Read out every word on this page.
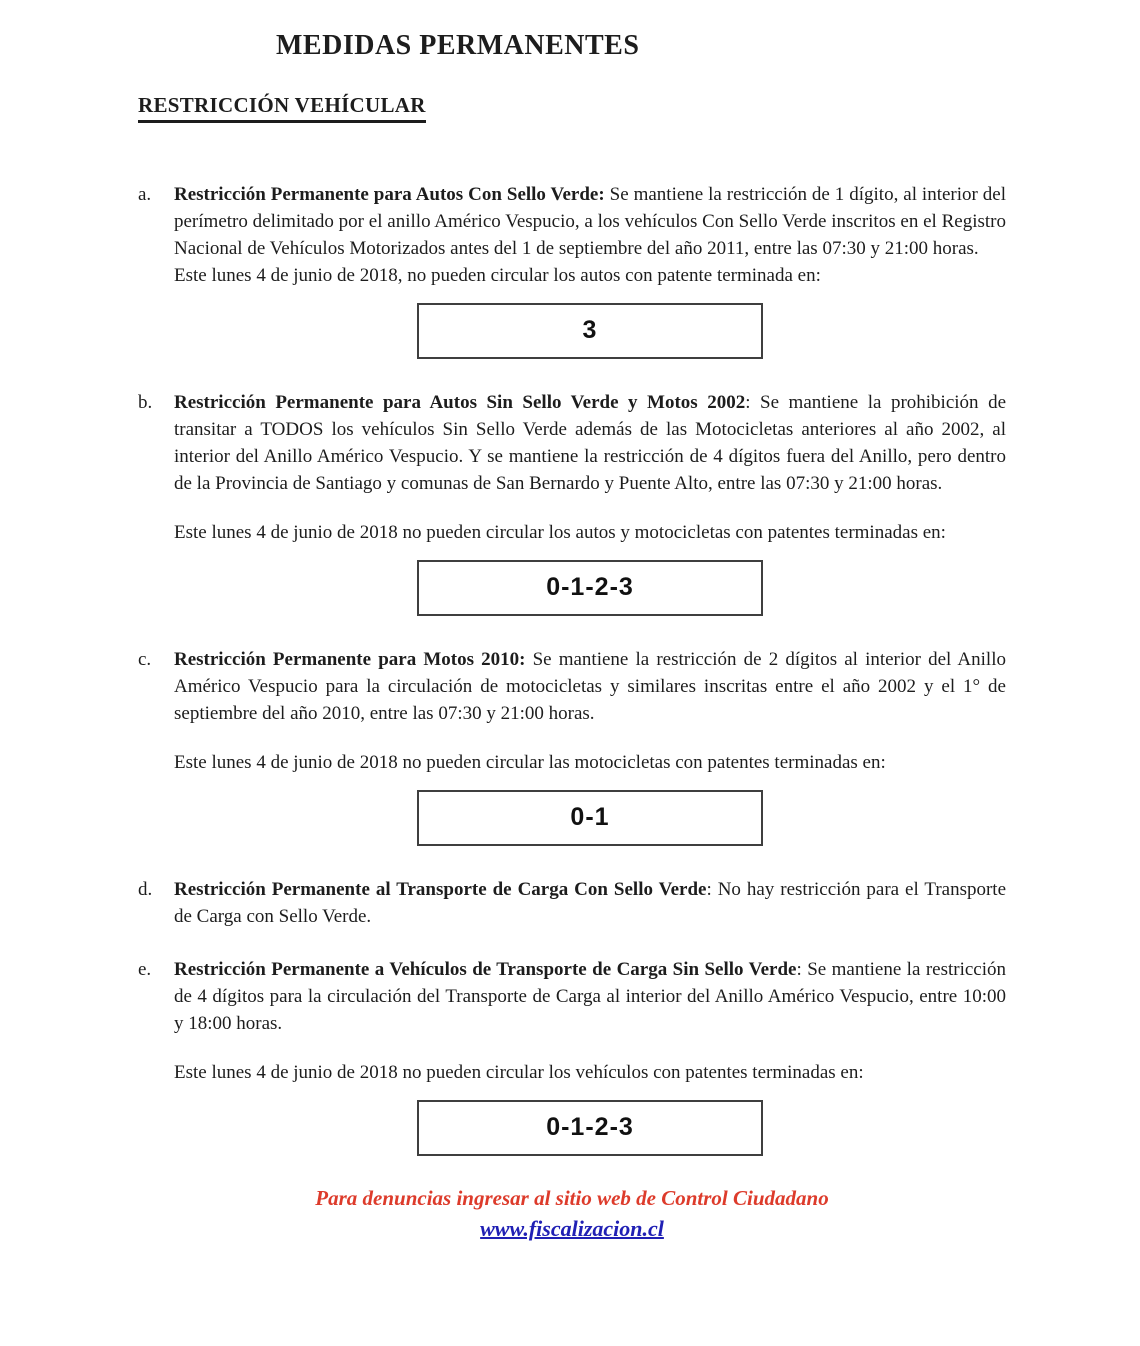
MEDIDAS PERMANENTES
RESTRICCIÓN VEHÍCULAR
a.	Restricción Permanente para Autos Con Sello Verde: Se mantiene la restricción de 1 dígito, al interior del perímetro delimitado por el anillo Américo Vespucio, a los vehículos Con Sello Verde inscritos en el Registro Nacional de Vehículos Motorizados antes del 1 de septiembre del año 2011, entre las 07:30 y 21:00 horas.

Este lunes 4 de junio de 2018, no pueden circular los autos con patente terminada en:

3
b.	Restricción Permanente para Autos Sin Sello Verde y Motos 2002: Se mantiene la prohibición de transitar a TODOS los vehículos Sin Sello Verde además de las Motocicletas anteriores al año 2002, al interior del Anillo Américo Vespucio. Y se mantiene la restricción de 4 dígitos fuera del Anillo, pero dentro de la Provincia de Santiago y comunas de San Bernardo y Puente Alto, entre las 07:30 y 21:00 horas.

Este lunes 4 de junio de 2018 no pueden circular los autos y motocicletas con patentes terminadas en:

0-1-2-3
c.	Restricción Permanente para Motos 2010: Se mantiene la restricción de 2 dígitos al interior del Anillo Américo Vespucio para la circulación de motocicletas y similares inscritas entre el año 2002 y el 1° de septiembre del año 2010, entre las 07:30 y 21:00 horas.

Este lunes 4 de junio de 2018 no pueden circular las motocicletas con patentes terminadas en:

0-1
d.	Restricción Permanente al Transporte de Carga Con Sello Verde: No hay restricción para el Transporte de Carga con Sello Verde.

e.	Restricción Permanente a Vehículos de Transporte de Carga Sin Sello Verde: Se mantiene la restricción de 4 dígitos para la circulación del Transporte de Carga al interior del Anillo Américo Vespucio, entre 10:00 y 18:00 horas.

Este lunes 4 de junio de 2018 no pueden circular los vehículos con patentes terminadas en:

0-1-2-3

Para denuncias ingresar al sitio web de Control Ciudadano

www.fiscalizacion.cl
